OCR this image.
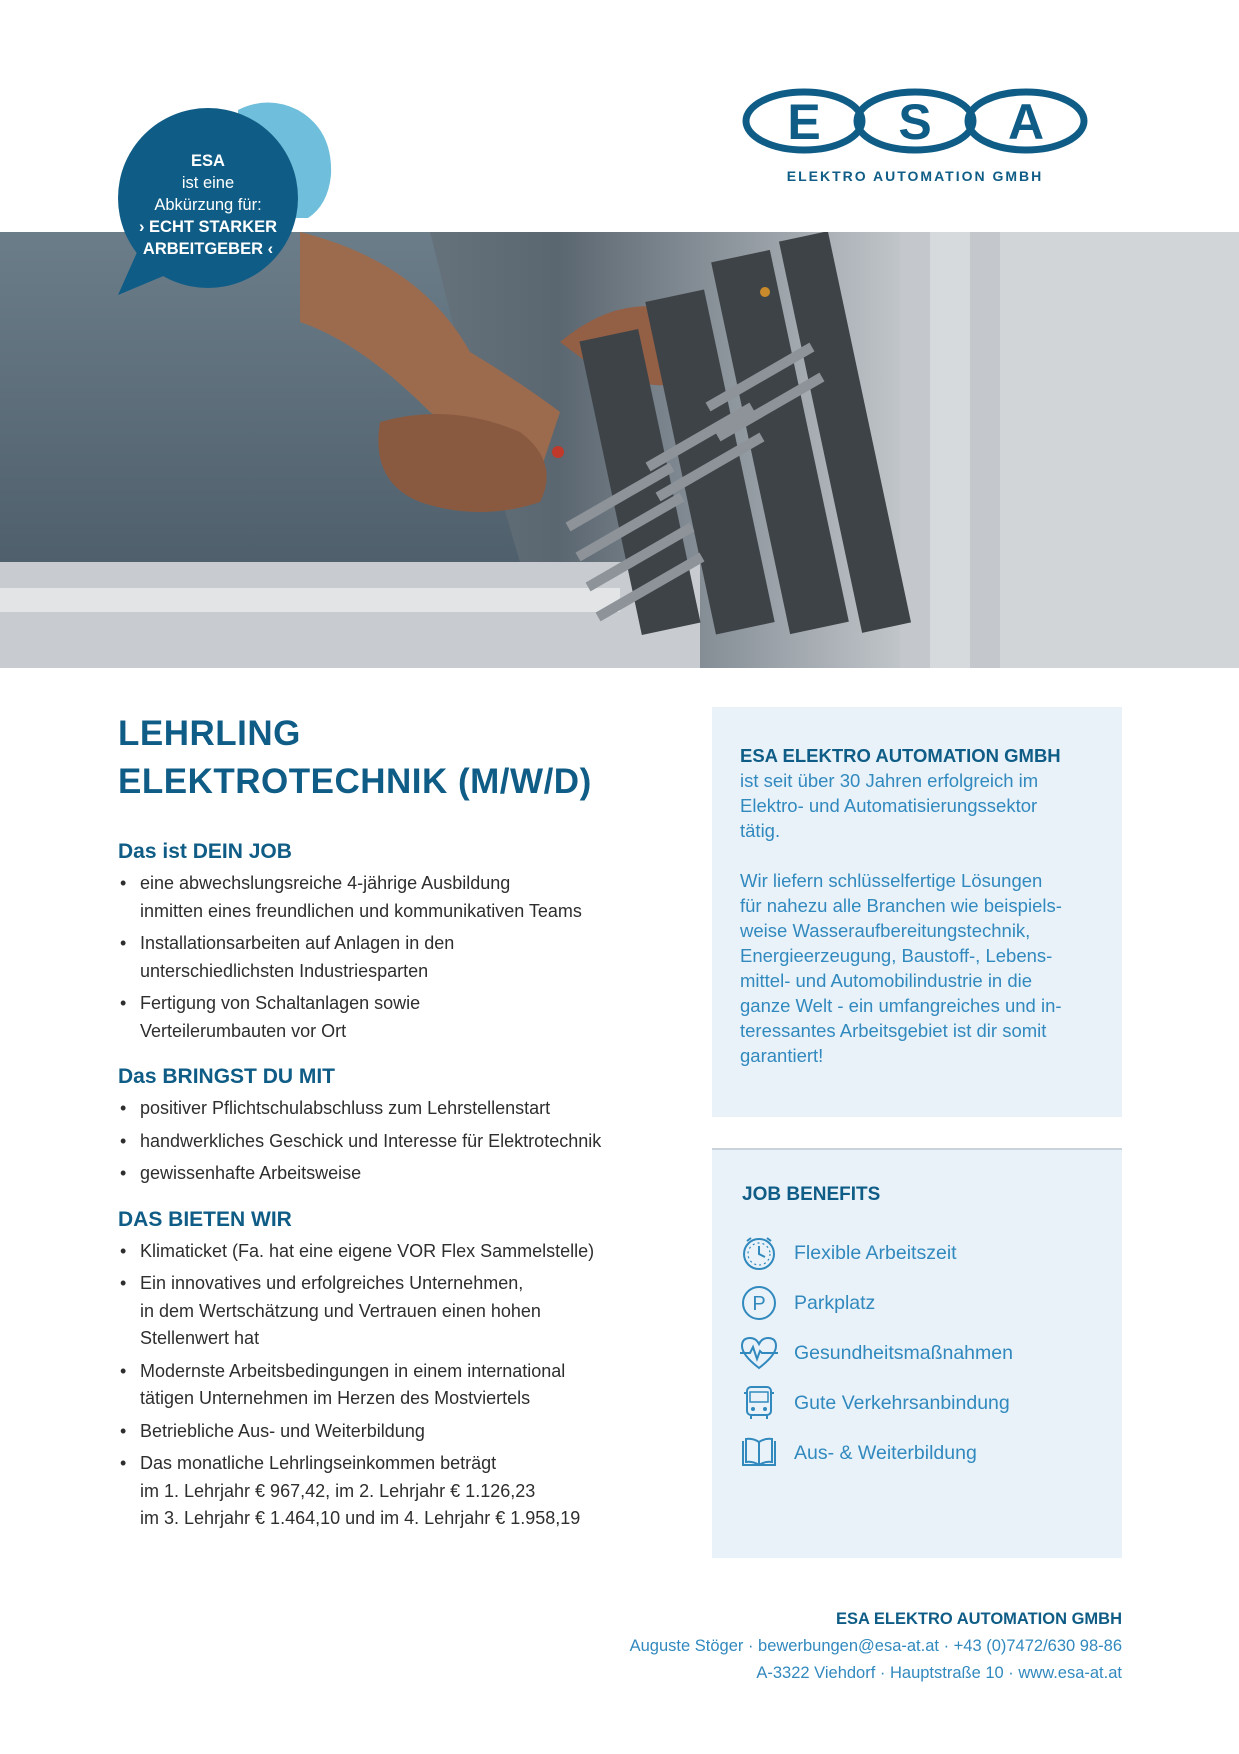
E S A
ELEKTRO AUTOMATION GMBH
ESA
ist eine
Abkürzung für:
› ECHT STARKER
ARBEITGEBER ‹
LEHRLING
ELEKTROTECHNIK (M/W/D)
Das ist DEIN JOB
• eine abwechslungsreiche 4-jährige Ausbildung
inmitten eines freundlichen und kommunikativen Teams
• Installationsarbeiten auf Anlagen in den
unterschiedlichsten Industriesparten
• Fertigung von Schaltanlagen sowie
Verteilerumbauten vor Ort
Das BRINGST DU MIT
• positiver Pflichtschulabschluss zum Lehrstellenstart
• handwerkliches Geschick und Interesse für Elektrotechnik
• gewissenhafte Arbeitsweise
DAS BIETEN WIR
• Klimaticket (Fa. hat eine eigene VOR Flex Sammelstelle)
• Ein innovatives und erfolgreiches Unternehmen,
in dem Wertschätzung und Vertrauen einen hohen
Stellenwert hat
• Modernste Arbeitsbedingungen in einem international
tätigen Unternehmen im Herzen des Mostviertels
• Betriebliche Aus- und Weiterbildung
• Das monatliche Lehrlingseinkommen beträgt
im 1. Lehrjahr € 967,42, im 2. Lehrjahr € 1.126,23
im 3. Lehrjahr € 1.464,10 und im 4. Lehrjahr € 1.958,19
ESA ELEKTRO AUTOMATION GMBH
ist seit über 30 Jahren erfolgreich im
Elektro- und Automatisierungssektor
tätig.
Wir liefern schlüsselfertige Lösungen
für nahezu alle Branchen wie beispiels-
weise Wasseraufbereitungstechnik,
Energieerzeugung, Baustoff-, Lebens-
mittel- und Automobilindustrie in die
ganze Welt - ein umfangreiches und in-
teressantes Arbeitsgebiet ist dir somit
garantiert!
JOB BENEFITS
Flexible Arbeitszeit
P Parkplatz
Gesundheitsmaßnahmen
Gute Verkehrsanbindung
Aus- & Weiterbildung
ESA ELEKTRO AUTOMATION GMBH
Auguste Stöger · bewerbungen@esa-at.at · +43 (0)7472/630 98-86
A-3322 Viehdorf · Hauptstraße 10 · www.esa-at.at
